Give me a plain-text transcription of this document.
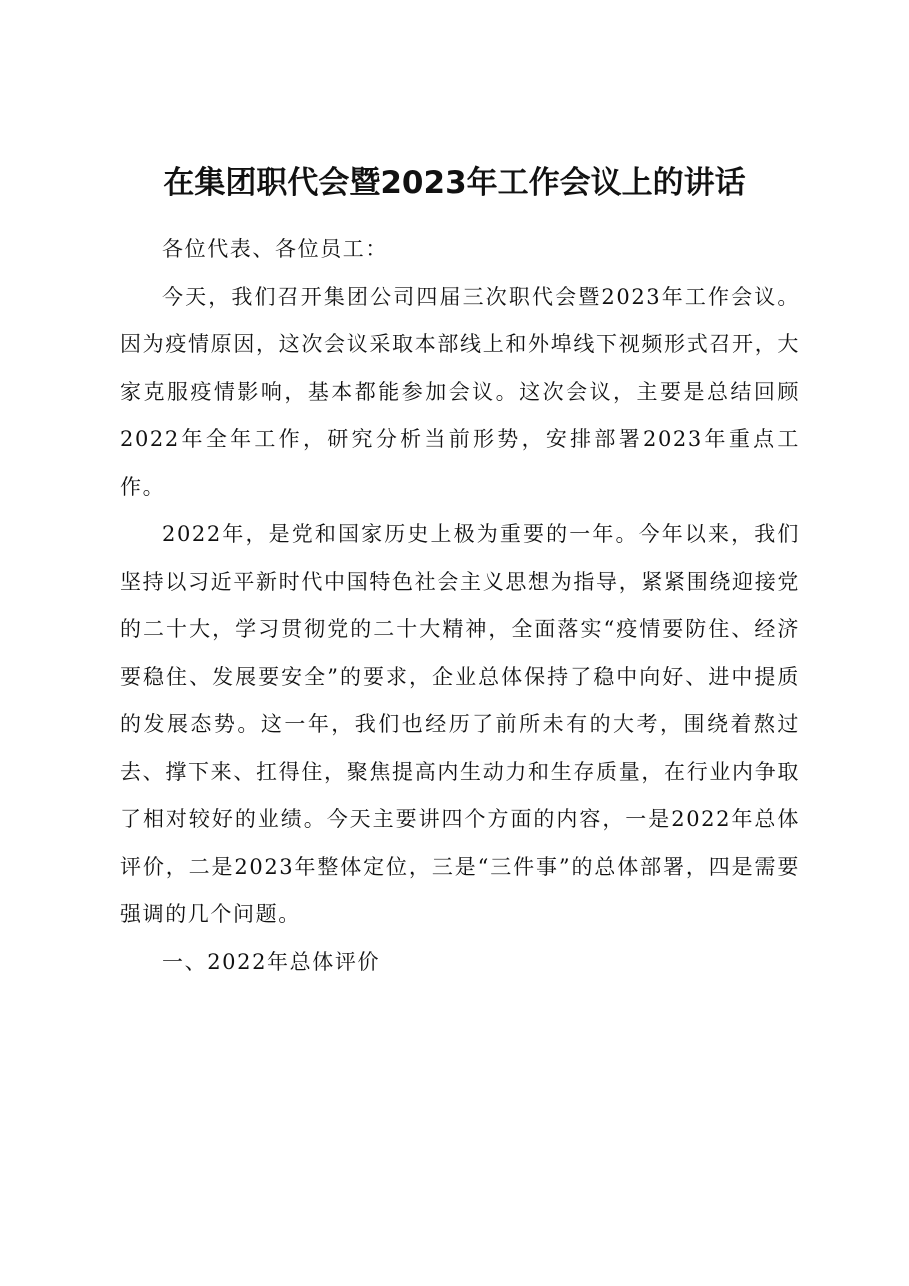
在集团职代会暨2023年工作会议上的讲话

各位代表、各位员工：

今天，我们召开集团公司四届三次职代会暨2023年工作会议。因为疫情原因，这次会议采取本部线上和外埠线下视频形式召开，大家克服疫情影响，基本都能参加会议。这次会议，主要是总结回顾2022年全年工作，研究分析当前形势，安排部署2023年重点工作。

2022年，是党和国家历史上极为重要的一年。今年以来，我们坚持以习近平新时代中国特色社会主义思想为指导，紧紧围绕迎接党的二十大，学习贯彻党的二十大精神，全面落实“疫情要防住、经济要稳住、发展要安全”的要求，企业总体保持了稳中向好、进中提质的发展态势。这一年，我们也经历了前所未有的大考，围绕着熬过去、撑下来、扛得住，聚焦提高内生动力和生存质量，在行业内争取了相对较好的业绩。今天主要讲四个方面的内容，一是2022年总体评价，二是2023年整体定位，三是“三件事”的总体部署，四是需要强调的几个问题。

一、2022年总体评价
